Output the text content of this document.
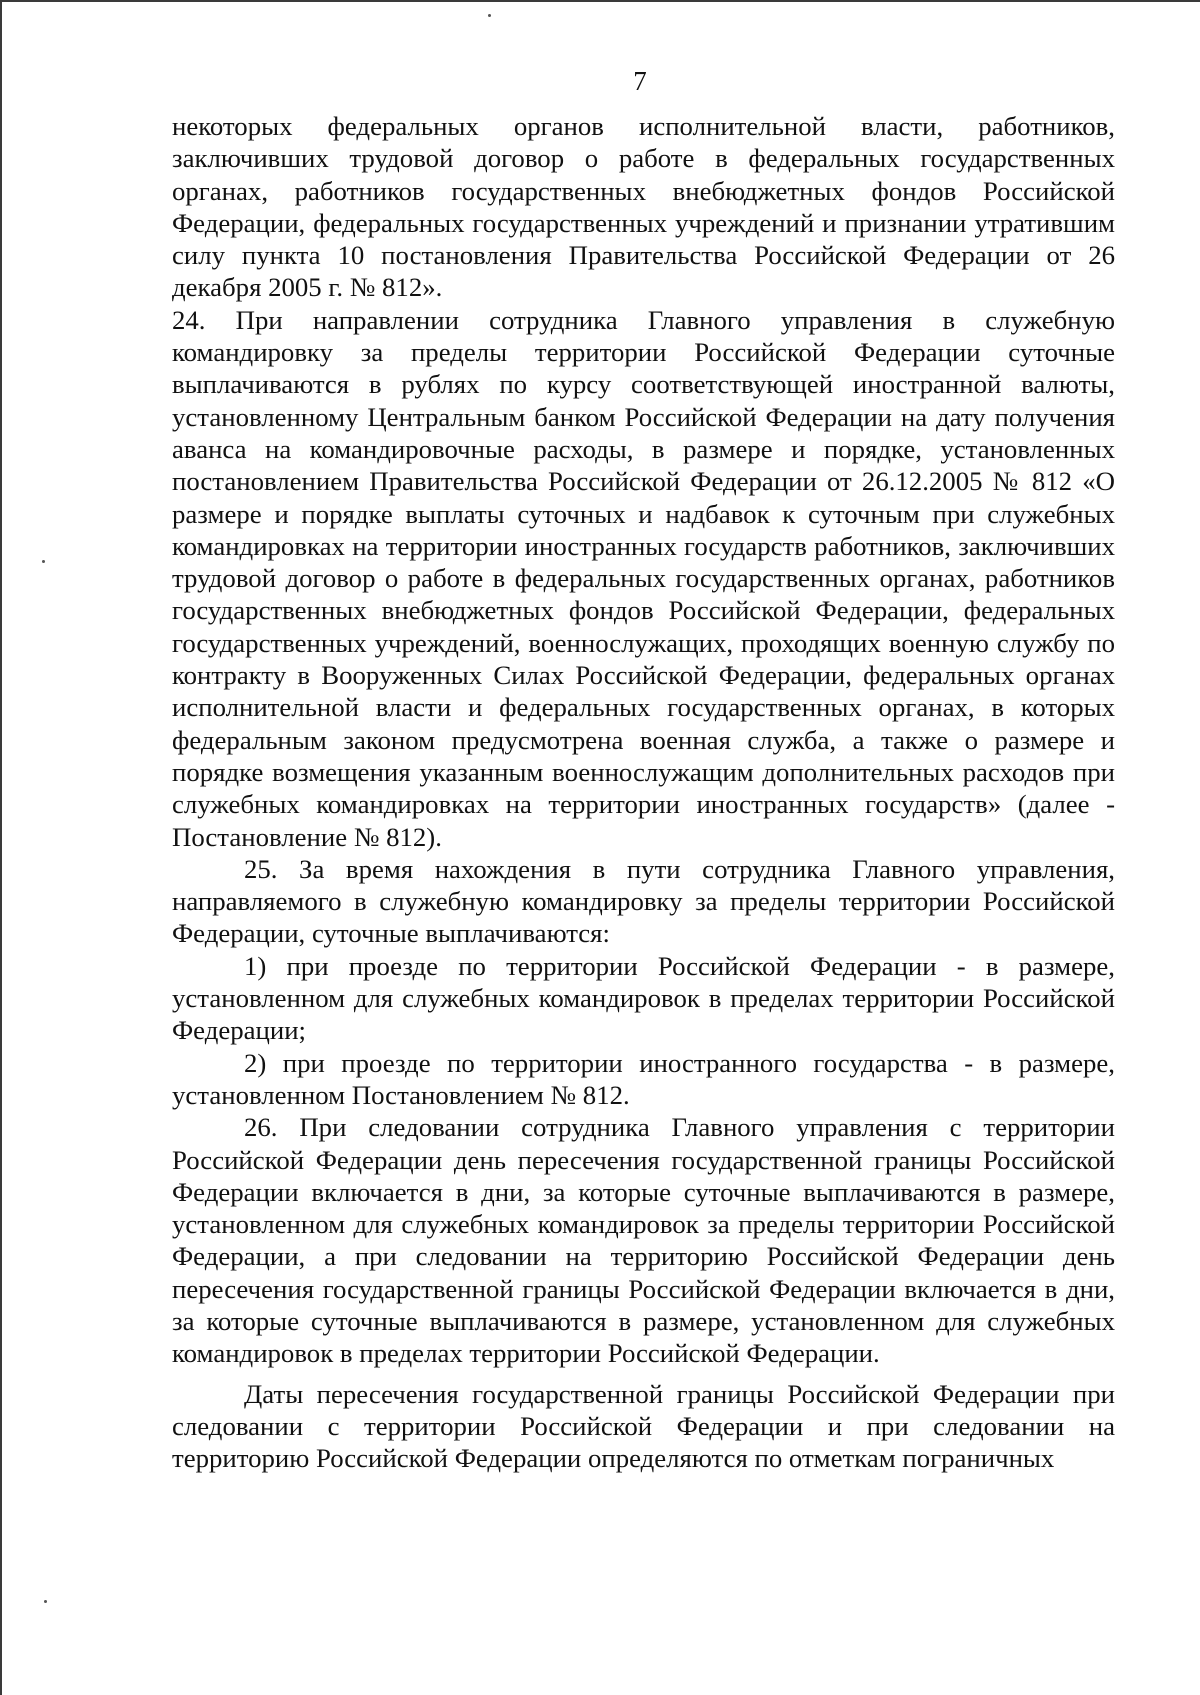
7

некоторых федеральных органов исполнительной власти, работников, заключивших трудовой договор о работе в федеральных государственных органах, работников государственных внебюджетных фондов Российской Федерации, федеральных государственных учреждений и признании утратившим силу пункта 10 постановления Правительства Российской Федерации от 26 декабря 2005 г. № 812».

24. При направлении сотрудника Главного управления в служебную командировку за пределы территории Российской Федерации суточные выплачиваются в рублях по курсу соответствующей иностранной валюты, установленному Центральным банком Российской Федерации на дату получения аванса на командировочные расходы, в размере и порядке, установленных постановлением Правительства Российской Федерации от 26.12.2005 № 812 «О размере и порядке выплаты суточных и надбавок к суточным при служебных командировках на территории иностранных государств работников, заключивших трудовой договор о работе в федеральных государственных органах, работников государственных внебюджетных фондов Российской Федерации, федеральных государственных учреждений, военнослужащих, проходящих военную службу по контракту в Вооруженных Силах Российской Федерации, федеральных органах исполнительной власти и федеральных государственных органах, в которых федеральным законом предусмотрена военная служба, а также о размере и порядке возмещения указанным военнослужащим дополнительных расходов при служебных командировках на территории иностранных государств» (далее - Постановление № 812).

25. За время нахождения в пути сотрудника Главного управления, направляемого в служебную командировку за пределы территории Российской Федерации, суточные выплачиваются:

1) при проезде по территории Российской Федерации - в размере, установленном для служебных командировок в пределах территории Российской Федерации;

2) при проезде по территории иностранного государства - в размере, установленном Постановлением № 812.

26. При следовании сотрудника Главного управления с территории Российской Федерации день пересечения государственной границы Российской Федерации включается в дни, за которые суточные выплачиваются в размере, установленном для служебных командировок за пределы территории Российской Федерации, а при следовании на территорию Российской Федерации день пересечения государственной границы Российской Федерации включается в дни, за которые суточные выплачиваются в размере, установленном для служебных командировок в пределах территории Российской Федерации.

Даты пересечения государственной границы Российской Федерации при следовании с территории Российской Федерации и при следовании на территорию Российской Федерации определяются по отметкам пограничных
